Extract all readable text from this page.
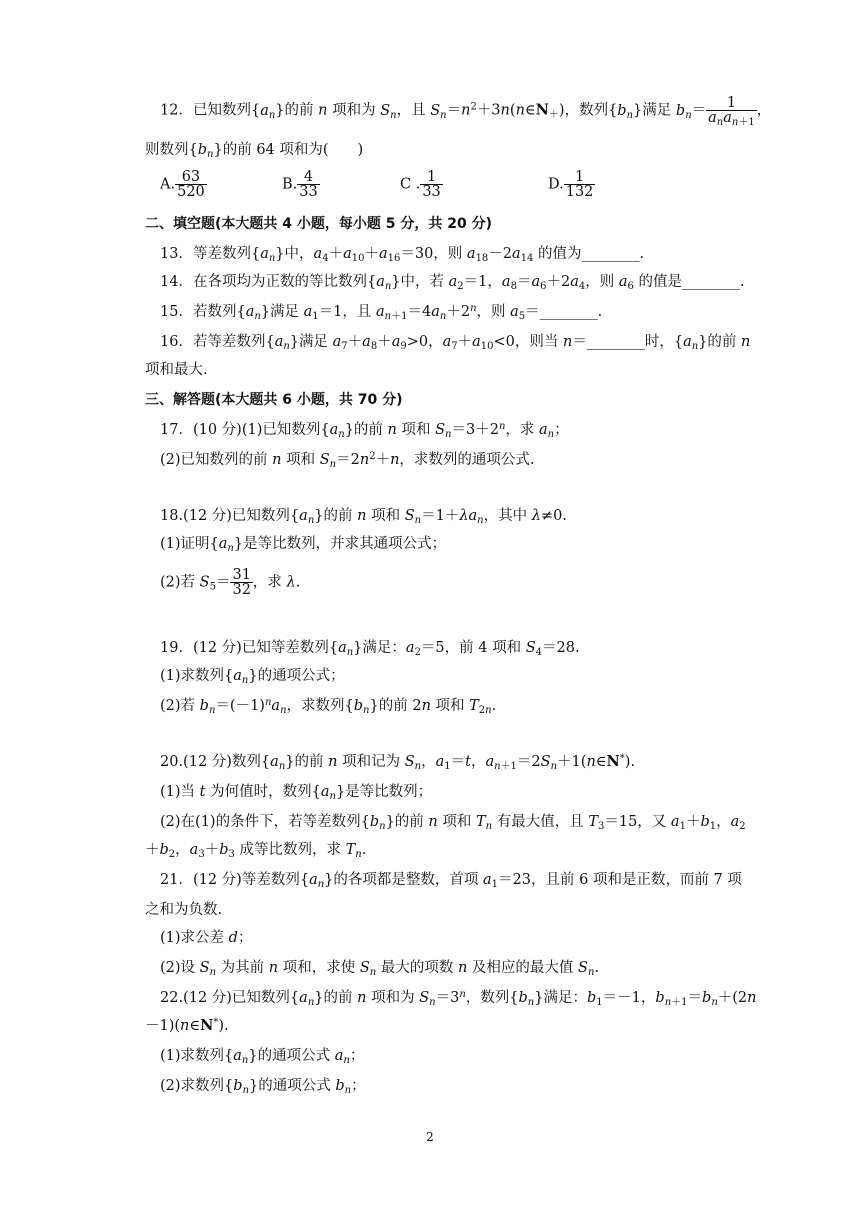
12．已知数列$\{a_n\}$的前 n 项和为 $S_n$，且 $S_n=n^2+3n(n\in N_+)$，数列$\{b_n\}$满足 $b_n= \frac{1}{a_na_{n+1}}$ ，
则数列$\{b_n\}$的前 64 项和为(　　)
A. $\frac{63}{520}$	B. $\frac{4}{33}$	C . $\frac{1}{33}$	D. $\frac{1}{132}$
二、填空题(本大题共 4 小题，每小题 5 分，共 20 分)
13．等差数列$\{a_n\}$中，$a_4+a_{10}+a_{16}=30$，则 $a_{18}-2a_{14}$ 的值为________.
14．在各项均为正数的等比数列$\{a_n\}$中，若 $a_2=1$，$a_8=a_6+2a_4$，则 $a_6$ 的值是________.
15．若数列$\{a_n\}$满足 $a_1=1$，且 $a_{n+1}=4a_n+2^n$，则 $a_5=\_\_\_\_\_\_\_\_$.
16．若等差数列$\{a_n\}$满足 $a_7+a_8+a_9>0$，$a_7+a_{10}<0$，则当 n＝________时，$\{a_n\}$的前 n
项和最大.
三、解答题(本大题共 6 小题，共 70 分)
17．(10 分)(1)已知数列$\{a_n\}$的前 n 项和 $S_n=3+2^n$，求 $a_n$；
(2)已知数列的前 n 项和 $S_n=2n^2+n$，求数列的通项公式.
18.(12 分)已知数列$\{a_n\}$的前 n 项和 $S_n=1+\lambda a_n$，其中 λ≠0.
(1)证明$\{a_n\}$是等比数列，并求其通项公式；
(2)若 $S_5= \frac{31}{32}$ ，求 λ.
19．(12 分)已知等差数列$\{a_n\}$满足：$a_2=5$，前 4 项和 $S_4=28$.
(1)求数列$\{a_n\}$的通项公式；
(2)若 $b_n=(-1)^na_n$，求数列$\{b_n\}$的前 2n 项和 $T_{2n}$.
20.(12 分)数列$\{a_n\}$的前 n 项和记为 $S_n$，$a_1=t$，$a_{n+1}=2S_n+1(n\in N^*)$.
(1)当 t 为何值时，数列$\{a_n\}$是等比数列；
(2)在(1)的条件下，若等差数列$\{b_n\}$的前 n 项和 $T_n$ 有最大值，且 $T_3=15$，又 $a_1+b_1$，$a_2$
$+b_2$，$a_3+b_3$ 成等比数列，求 $T_n$.
21．(12 分)等差数列$\{a_n\}$的各项都是整数，首项 $a_1=23$，且前 6 项和是正数，而前 7 项
之和为负数.
(1)求公差 d；
(2)设 $S_n$ 为其前 n 项和，求使 $S_n$ 最大的项数 n 及相应的最大值 $S_n$.
22.(12 分)已知数列$\{a_n\}$的前 n 项和为 $S_n=3^n$，数列$\{b_n\}$满足：$b_1=-1$，$b_{n+1}=b_n+(2n$
－1)(n∈N*).
(1)求数列$\{a_n\}$的通项公式 $a_n$；
(2)求数列$\{b_n\}$的通项公式 $b_n$；
2
